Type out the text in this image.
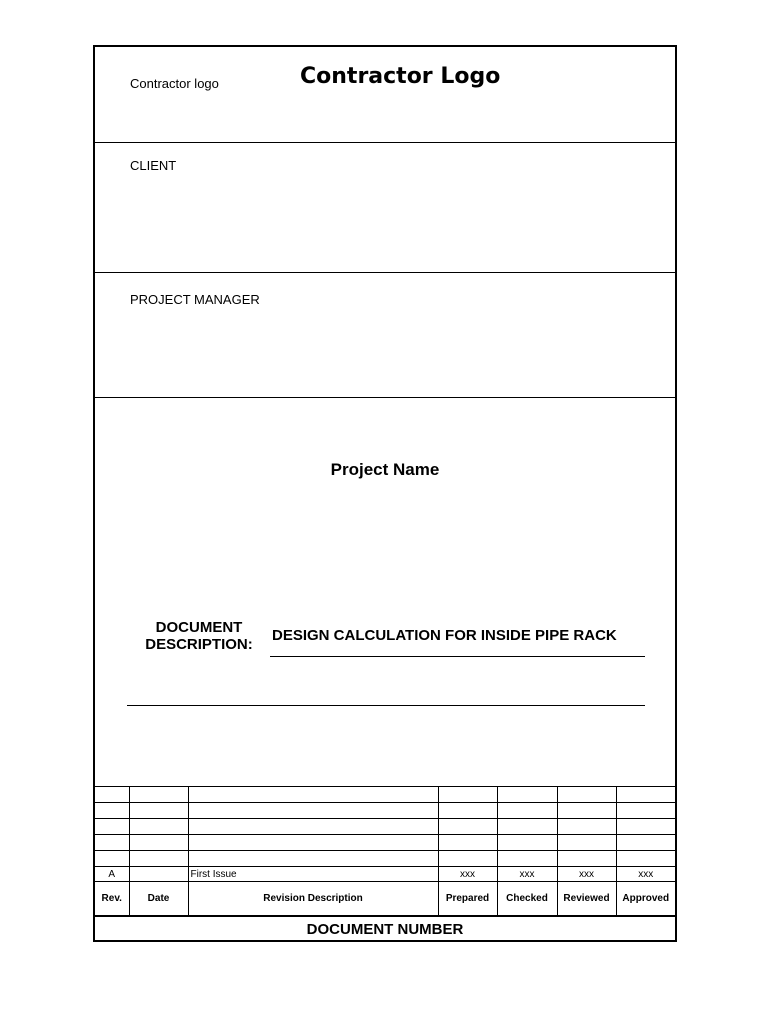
Contractor logo	Contractor Logo
CLIENT
PROJECT MANAGER
Project Name
DOCUMENT
DESCRIPTION:
DESIGN CALCULATION FOR INSIDE PIPE RACK

A		First Issue	xxx	xxx	xxx	xxx
Rev.	Date	Revision Description	Prepared	Checked	Reviewed	Approved
DOCUMENT NUMBER
